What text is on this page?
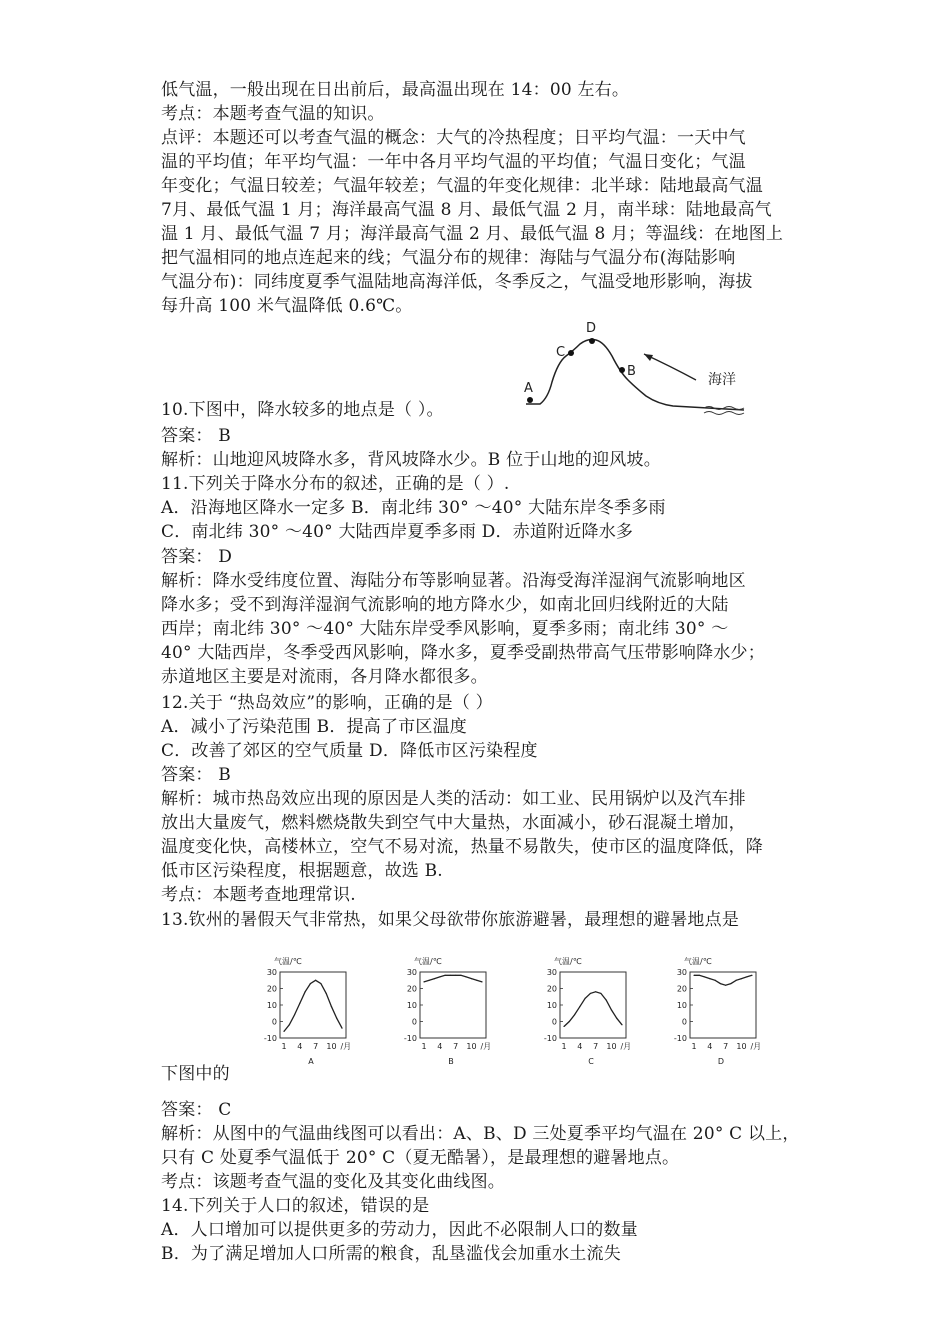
低气温，一般出现在日出前后，最高温出现在 14：00 左右。
考点：本题考查气温的知识。
点评：本题还可以考查气温的概念：大气的冷热程度；日平均气温：一天中气
温的平均值；年平均气温：一年中各月平均气温的平均值；气温日变化；气温
年变化；气温日较差；气温年较差；气温的年变化规律：北半球：陆地最高气温
7月、最低气温 1 月；海洋最高气温 8 月、最低气温 2 月，南半球：陆地最高气
温 1 月、最低气温 7 月；海洋最高气温 2 月、最低气温 8 月；等温线：在地图上
把气温相同的地点连起来的线；气温分布的规律：海陆与气温分布(海陆影响
气温分布)：同纬度夏季气温陆地高海洋低，冬季反之，气温受地形影响，海拔
每升高 100 米气温降低 0.6℃。
10.下图中，降水较多的地点是（ ）。
答案： B
解析：山地迎风坡降水多，背风坡降水少。B 位于山地的迎风坡。
11.下列关于降水分布的叙述，正确的是（ ）.
A．沿海地区降水一定多 B．南北纬 30° ～40° 大陆东岸冬季多雨
C．南北纬 30° ～40° 大陆西岸夏季多雨 D．赤道附近降水多
答案： D
解析：降水受纬度位置、海陆分布等影响显著。沿海受海洋湿润气流影响地区
降水多；受不到海洋湿润气流影响的地方降水少，如南北回归线附近的大陆
西岸；南北纬 30° ～40° 大陆东岸受季风影响，夏季多雨；南北纬 30° ～
40° 大陆西岸，冬季受西风影响，降水多，夏季受副热带高气压带影响降水少；
赤道地区主要是对流雨，各月降水都很多。
12.关于 “热岛效应”的影响，正确的是（ ）
A．减小了污染范围 B．提高了市区温度
C．改善了郊区的空气质量 D．降低市区污染程度
答案： B
解析：城市热岛效应出现的原因是人类的活动：如工业、民用锅炉以及汽车排
放出大量废气，燃料燃烧散失到空气中大量热，水面减小，砂石混凝土增加，
温度变化快，高楼林立，空气不易对流，热量不易散失，使市区的温度降低，降
低市区污染程度，根据题意，故选 B.
考点：本题考查地理常识.
13.钦州的暑假天气非常热，如果父母欲带你旅游避暑，最理想的避暑地点是
下图中的
答案： C
解析：从图中的气温曲线图可以看出：A、B、D 三处夏季平均气温在 20° C 以上，
只有 C 处夏季气温低于 20° C（夏无酷暑），是最理想的避暑地点。
考点：该题考查气温的变化及其变化曲线图。
14.下列关于人口的叙述，错误的是
A．人口增加可以提供更多的劳动力，因此不必限制人口的数量
B．为了满足增加人口所需的粮食，乱垦滥伐会加重水土流失
A
B
C
D
海洋
气温/℃
30
20
10
0
-10
1 4 7 10 /月
A
气温/℃
30
20
10
0
-10
1 4 7 10 /月
B
气温/℃
30
20
10
0
-10
1 4 7 10 /月
C
气温/℃
30
20
10
0
-10
1 4 7 10 /月
D
